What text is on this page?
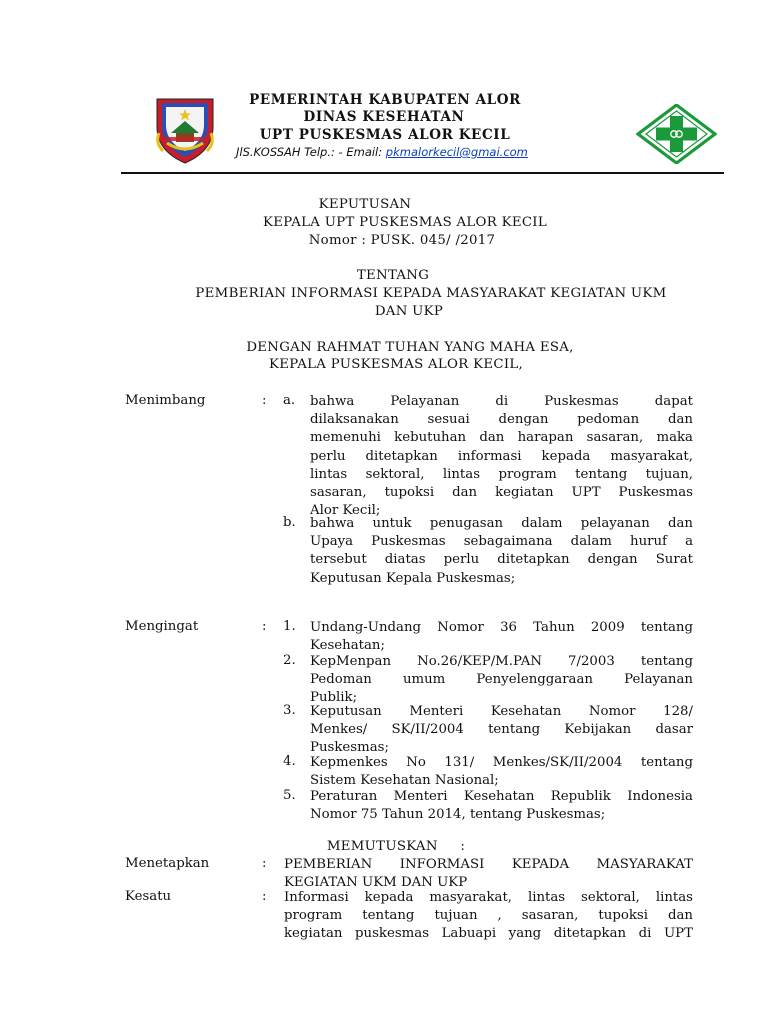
PEMERINTAH KABUPATEN ALOR
DINAS KESEHATAN
UPT PUSKESMAS ALOR KECIL
JlS.KOSSAH Telp.: - Email: pkmalorkecil@gmai.com
KEPUTUSAN
KEPALA UPT PUSKESMAS ALOR KECIL
Nomor : PUSK. 045/ /2017
TENTANG
PEMBERIAN INFORMASI KEPADA MASYARAKAT KEGIATAN UKM
DAN UKP
DENGAN RAHMAT TUHAN YANG MAHA ESA,
KEPALA PUSKESMAS ALOR KECIL,
Menimbang	: a. bahwa Pelayanan di Puskesmas dapat
dilaksanakan sesuai dengan pedoman dan
memenuhi kebutuhan dan harapan sasaran, maka
perlu ditetapkan informasi kepada masyarakat,
lintas sektoral, lintas program tentang tujuan,
sasaran, tupoksi dan kegiatan UPT Puskesmas
Alor Kecil;
b. bahwa untuk penugasan dalam pelayanan dan
Upaya Puskesmas sebagaimana dalam huruf a
tersebut diatas perlu ditetapkan dengan Surat
Keputusan Kepala Puskesmas;
Mengingat	: 1. Undang-Undang Nomor 36 Tahun 2009 tentang
Kesehatan;
2. KepMenpan No.26/KEP/M.PAN 7/2003 tentang
Pedoman umum Penyelenggaraan Pelayanan
Publik;
3. Keputusan Menteri Kesehatan Nomor 128/
Menkes/ SK/II/2004 tentang Kebijakan dasar
Puskesmas;
4. Kepmenkes No 131/ Menkes/SK/II/2004 tentang
Sistem Kesehatan Nasional;
5. Peraturan Menteri Kesehatan Republik Indonesia
Nomor 75 Tahun 2014, tentang Puskesmas;
MEMUTUSKAN     :
Menetapkan	: PEMBERIAN INFORMASI KEPADA MASYARAKAT
KEGIATAN UKM DAN UKP
Kesatu	: Informasi kepada masyarakat, lintas sektoral, lintas
program tentang tujuan , sasaran, tupoksi dan
kegiatan puskesmas Labuapi yang ditetapkan di UPT
